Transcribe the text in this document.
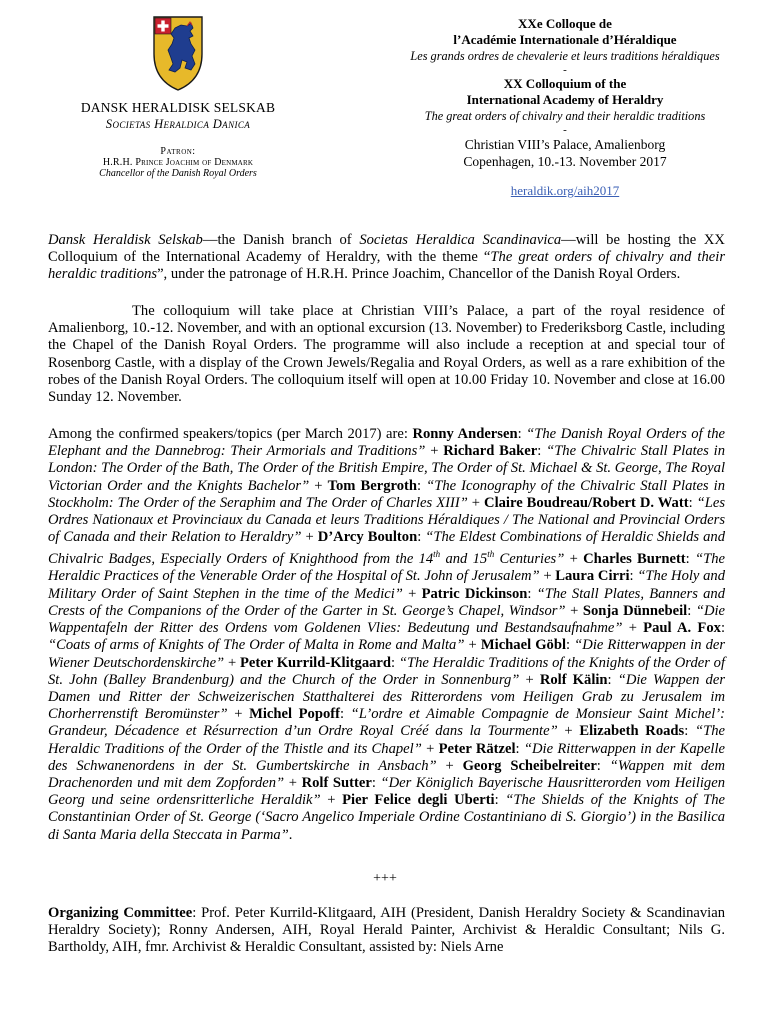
DANSK HERALDISK SELSKAB
Societas Heraldica Danica
Patron:
H.R.H. Prince Joachim of Denmark
Chancellor of the Danish Royal Orders
XXe Colloque de
l’Académie Internationale d’Héraldique
Les grands ordres de chevalerie et leurs traditions héraldiques
-
XX Colloquium of the
International Academy of Heraldry
The great orders of chivalry and their heraldic traditions
-
Christian VIII’s Palace, Amalienborg
Copenhagen, 10.-13. November 2017
heraldik.org/aih2017
Dansk Heraldisk Selskab—the Danish branch of Societas Heraldica Scandinavica—will be hosting the XX Colloquium of the International Academy of Heraldry, with the theme “The great orders of chivalry and their heraldic traditions”, under the patronage of H.R.H. Prince Joachim, Chancellor of the Danish Royal Orders.
The colloquium will take place at Christian VIII’s Palace, a part of the royal residence of Amalienborg, 10.-12. November, and with an optional excursion (13. November) to Frederiksborg Castle, including the Chapel of the Danish Royal Orders. The programme will also include a reception at and special tour of Rosenborg Castle, with a display of the Crown Jewels/Regalia and Royal Orders, as well as a rare exhibition of the robes of the Danish Royal Orders. The colloquium itself will open at 10.00 Friday 10. November and close at 16.00 Sunday 12. November.
Among the confirmed speakers/topics (per March 2017) are: Ronny Andersen: “The Danish Royal Orders of the Elephant and the Dannebrog: Their Armorials and Traditions” + Richard Baker: “The Chivalric Stall Plates in London: The Order of the Bath, The Order of the British Empire, The Order of St. Michael & St. George, The Royal Victorian Order and the Knights Bachelor” + Tom Bergroth: “The Iconography of the Chivalric Stall Plates in Stockholm: The Order of the Seraphim and The Order of Charles XIII” + Claire Boudreau/Robert D. Watt: “Les Ordres Nationaux et Provinciaux du Canada et leurs Traditions Héraldiques / The National and Provincial Orders of Canada and their Relation to Heraldry” + D’Arcy Boulton: “The Eldest Combinations of Heraldic Shields and Chivalric Badges, Especially Orders of Knighthood from the 14th and 15th Centuries” + Charles Burnett: “The Heraldic Practices of the Venerable Order of the Hospital of St. John of Jerusalem” + Laura Cirri: “The Holy and Military Order of Saint Stephen in the time of the Medici” + Patric Dickinson: “The Stall Plates, Banners and Crests of the Companions of the Order of the Garter in St. George’s Chapel, Windsor” + Sonja Dünnebeil: “Die Wappentafeln der Ritter des Ordens vom Goldenen Vlies: Bedeutung und Bestandsaufnahme” + Paul A. Fox: “Coats of arms of Knights of The Order of Malta in Rome and Malta” + Michael Göbl: “Die Ritterwappen in der Wiener Deutschordenskirche” + Peter Kurrild-Klitgaard: “The Heraldic Traditions of the Knights of the Order of St. John (Balley Brandenburg) and the Church of the Order in Sonnenburg” + Rolf Kälin: “Die Wappen der Damen und Ritter der Schweizerischen Statthalterei des Ritterordens vom Heiligen Grab zu Jerusalem im Chorherrenstift Beromünster” + Michel Popoff: “L’ordre et Aimable Compagnie de Monsieur Saint Michel’: Grandeur, Décadence et Résurrection d’un Ordre Royal Créé dans la Tourmente” + Elizabeth Roads: “The Heraldic Traditions of the Order of the Thistle and its Chapel” + Peter Rätzel: “Die Ritterwappen in der Kapelle des Schwanenordens in der St. Gumbertskirche in Ansbach” + Georg Scheibelreiter: “Wappen mit dem Drachenorden und mit dem Zopforden” + Rolf Sutter: “Der Königlich Bayerische Hausritterorden vom Heiligen Georg und seine ordensritterliche Heraldik” + Pier Felice degli Uberti: “The Shields of the Knights of The Constantinian Order of St. George (‘Sacro Angelico Imperiale Ordine Costantiniano di S. Giorgio’) in the Basilica di Santa Maria della Steccata in Parma”.
+++
Organizing Committee: Prof. Peter Kurrild-Klitgaard, AIH (President, Danish Heraldry Society & Scandinavian Heraldry Society); Ronny Andersen, AIH, Royal Herald Painter, Archivist & Heraldic Consultant; Nils G. Bartholdy, AIH, fmr. Archivist & Heraldic Consultant, assisted by: Niels Arne
